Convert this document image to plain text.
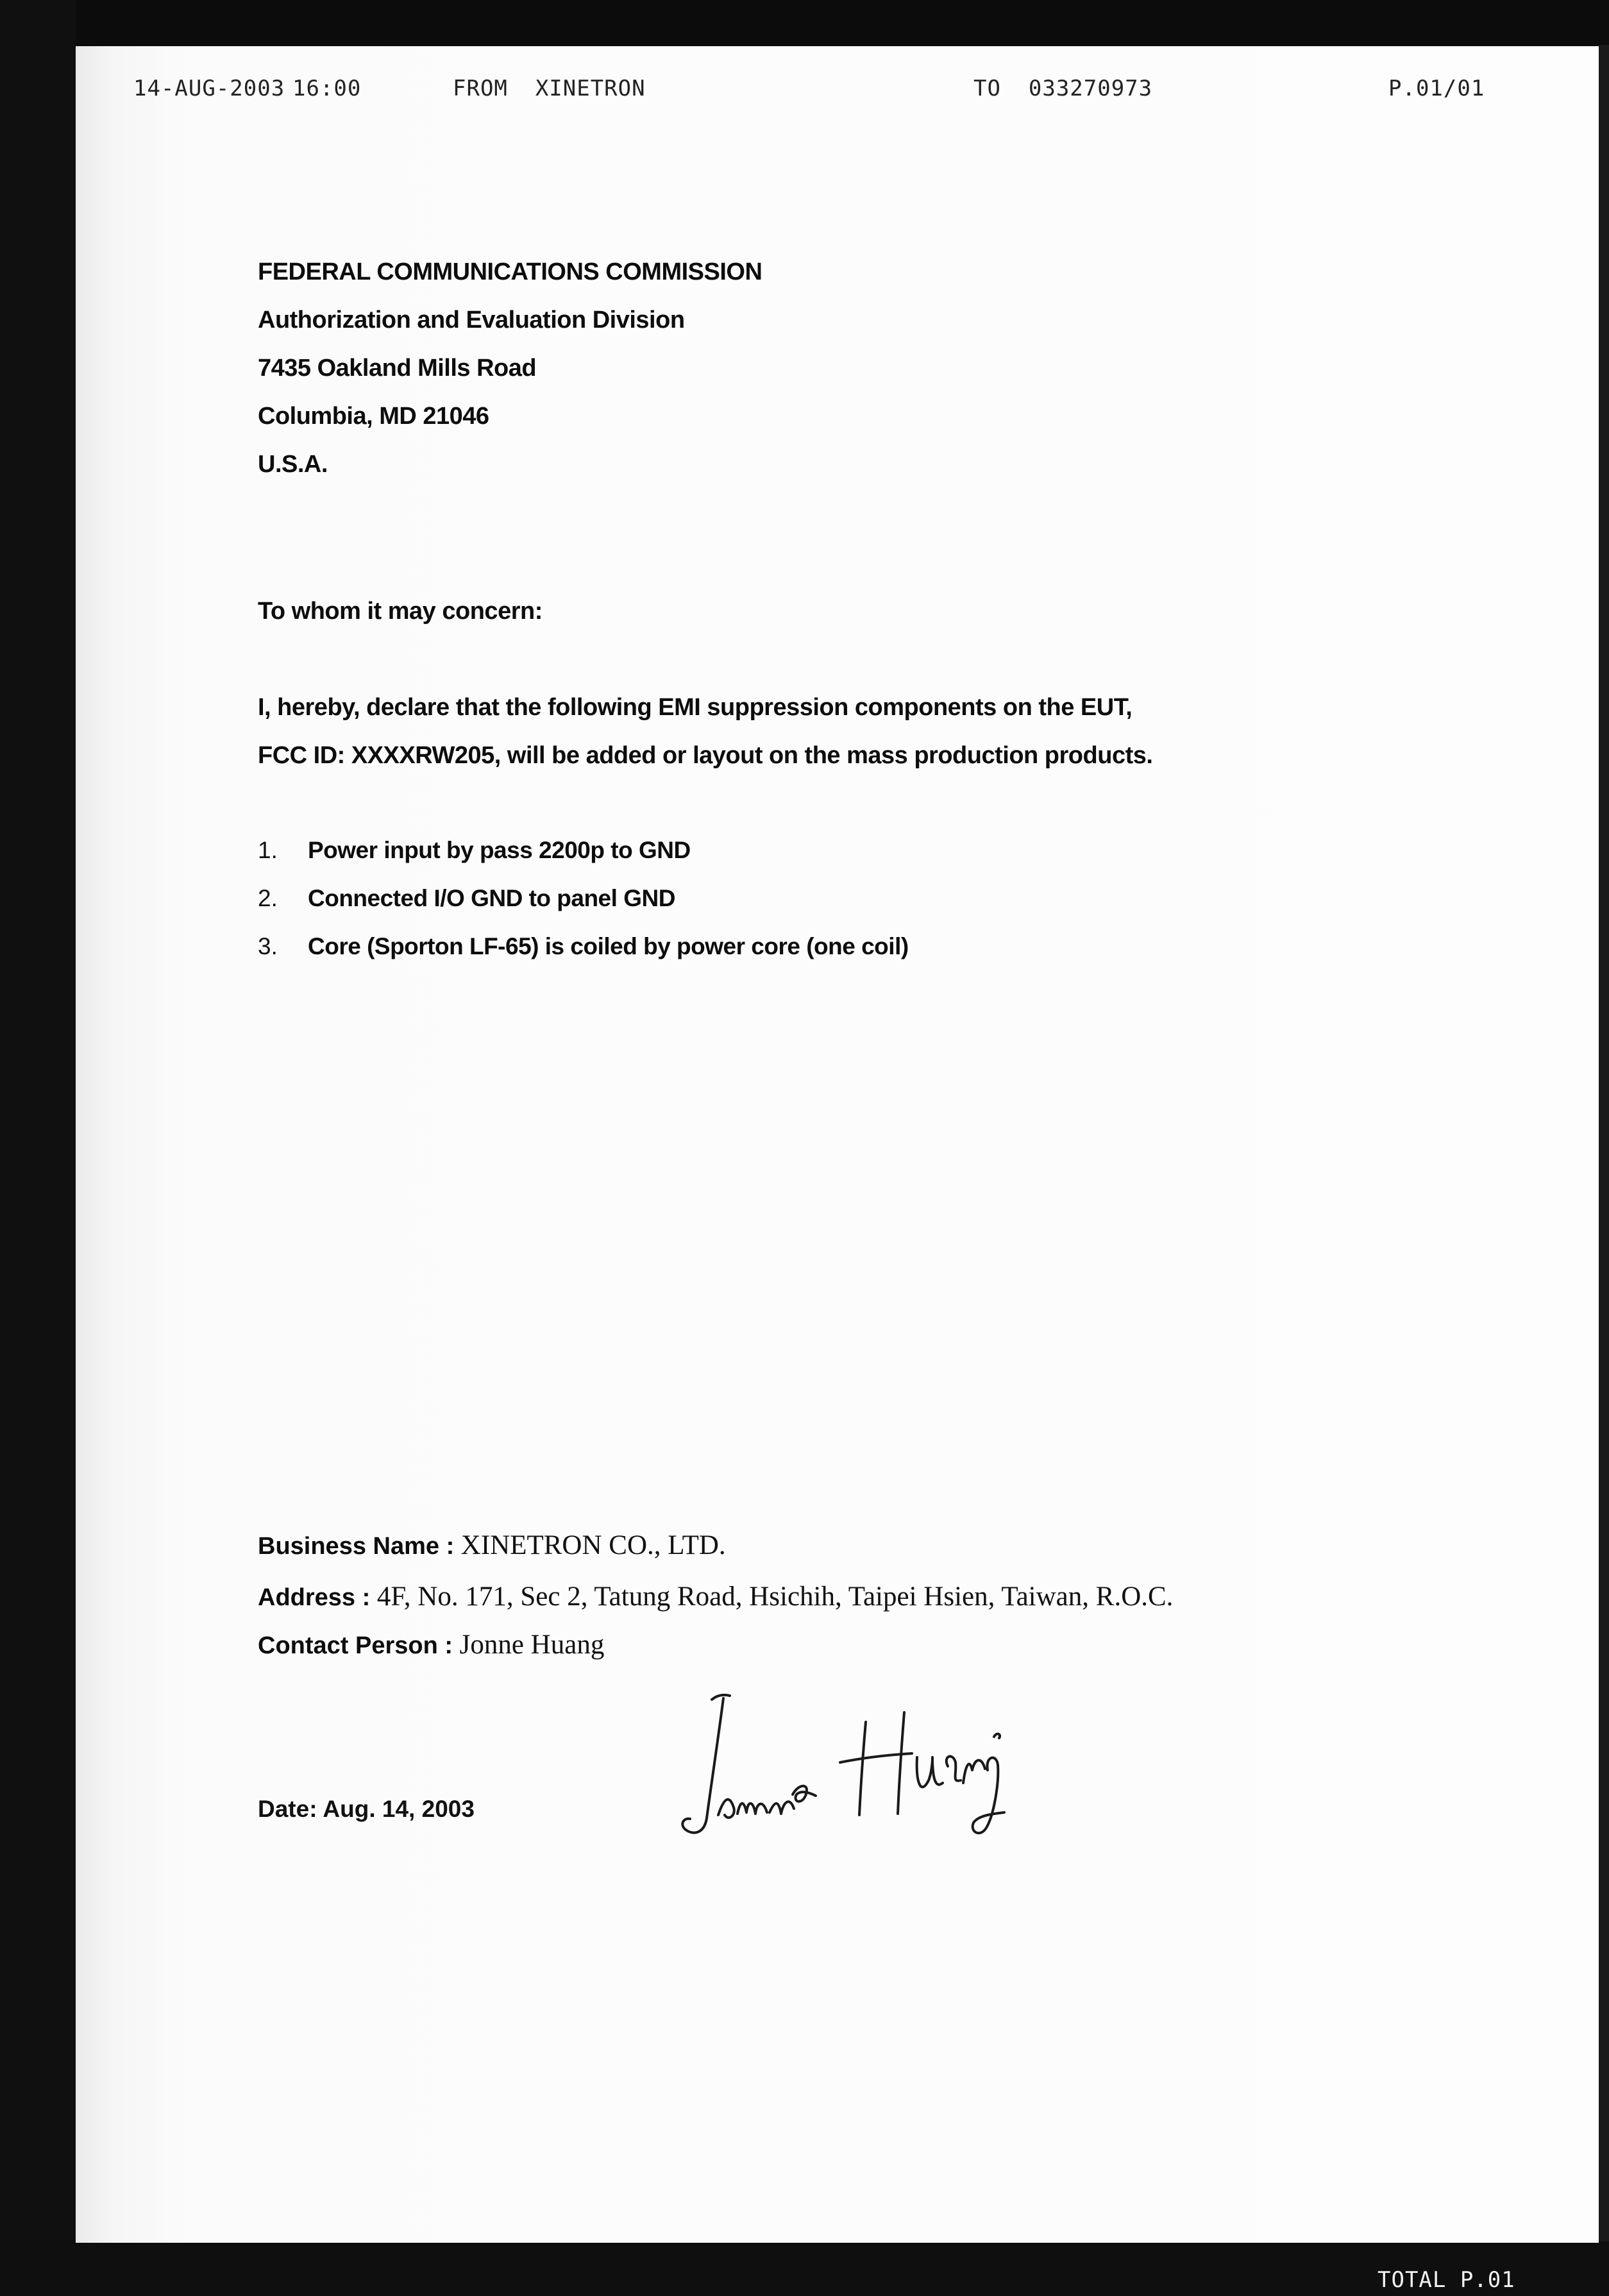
14-AUG-2003 16:00	FROM  XINETRON	TO  033270973	P.01/01
FEDERAL COMMUNICATIONS COMMISSION
Authorization and Evaluation Division
7435 Oakland Mills Road
Columbia, MD 21046
U.S.A.
To whom it may concern:
I, hereby, declare that the following EMI suppression components on the EUT,
FCC ID: XXXXRW205, will be added or layout on the mass production products.
1. Power input by pass 2200p to GND
2. Connected I/O GND to panel GND
3. Core (Sporton LF-65) is coiled by power core (one coil)
Business Name : XINETRON CO., LTD.
Address : 4F, No. 171, Sec 2, Tatung Road, Hsichih, Taipei Hsien, Taiwan, R.O.C.
Contact Person : Jonne Huang
Date: Aug. 14, 2003
TOTAL P.01
